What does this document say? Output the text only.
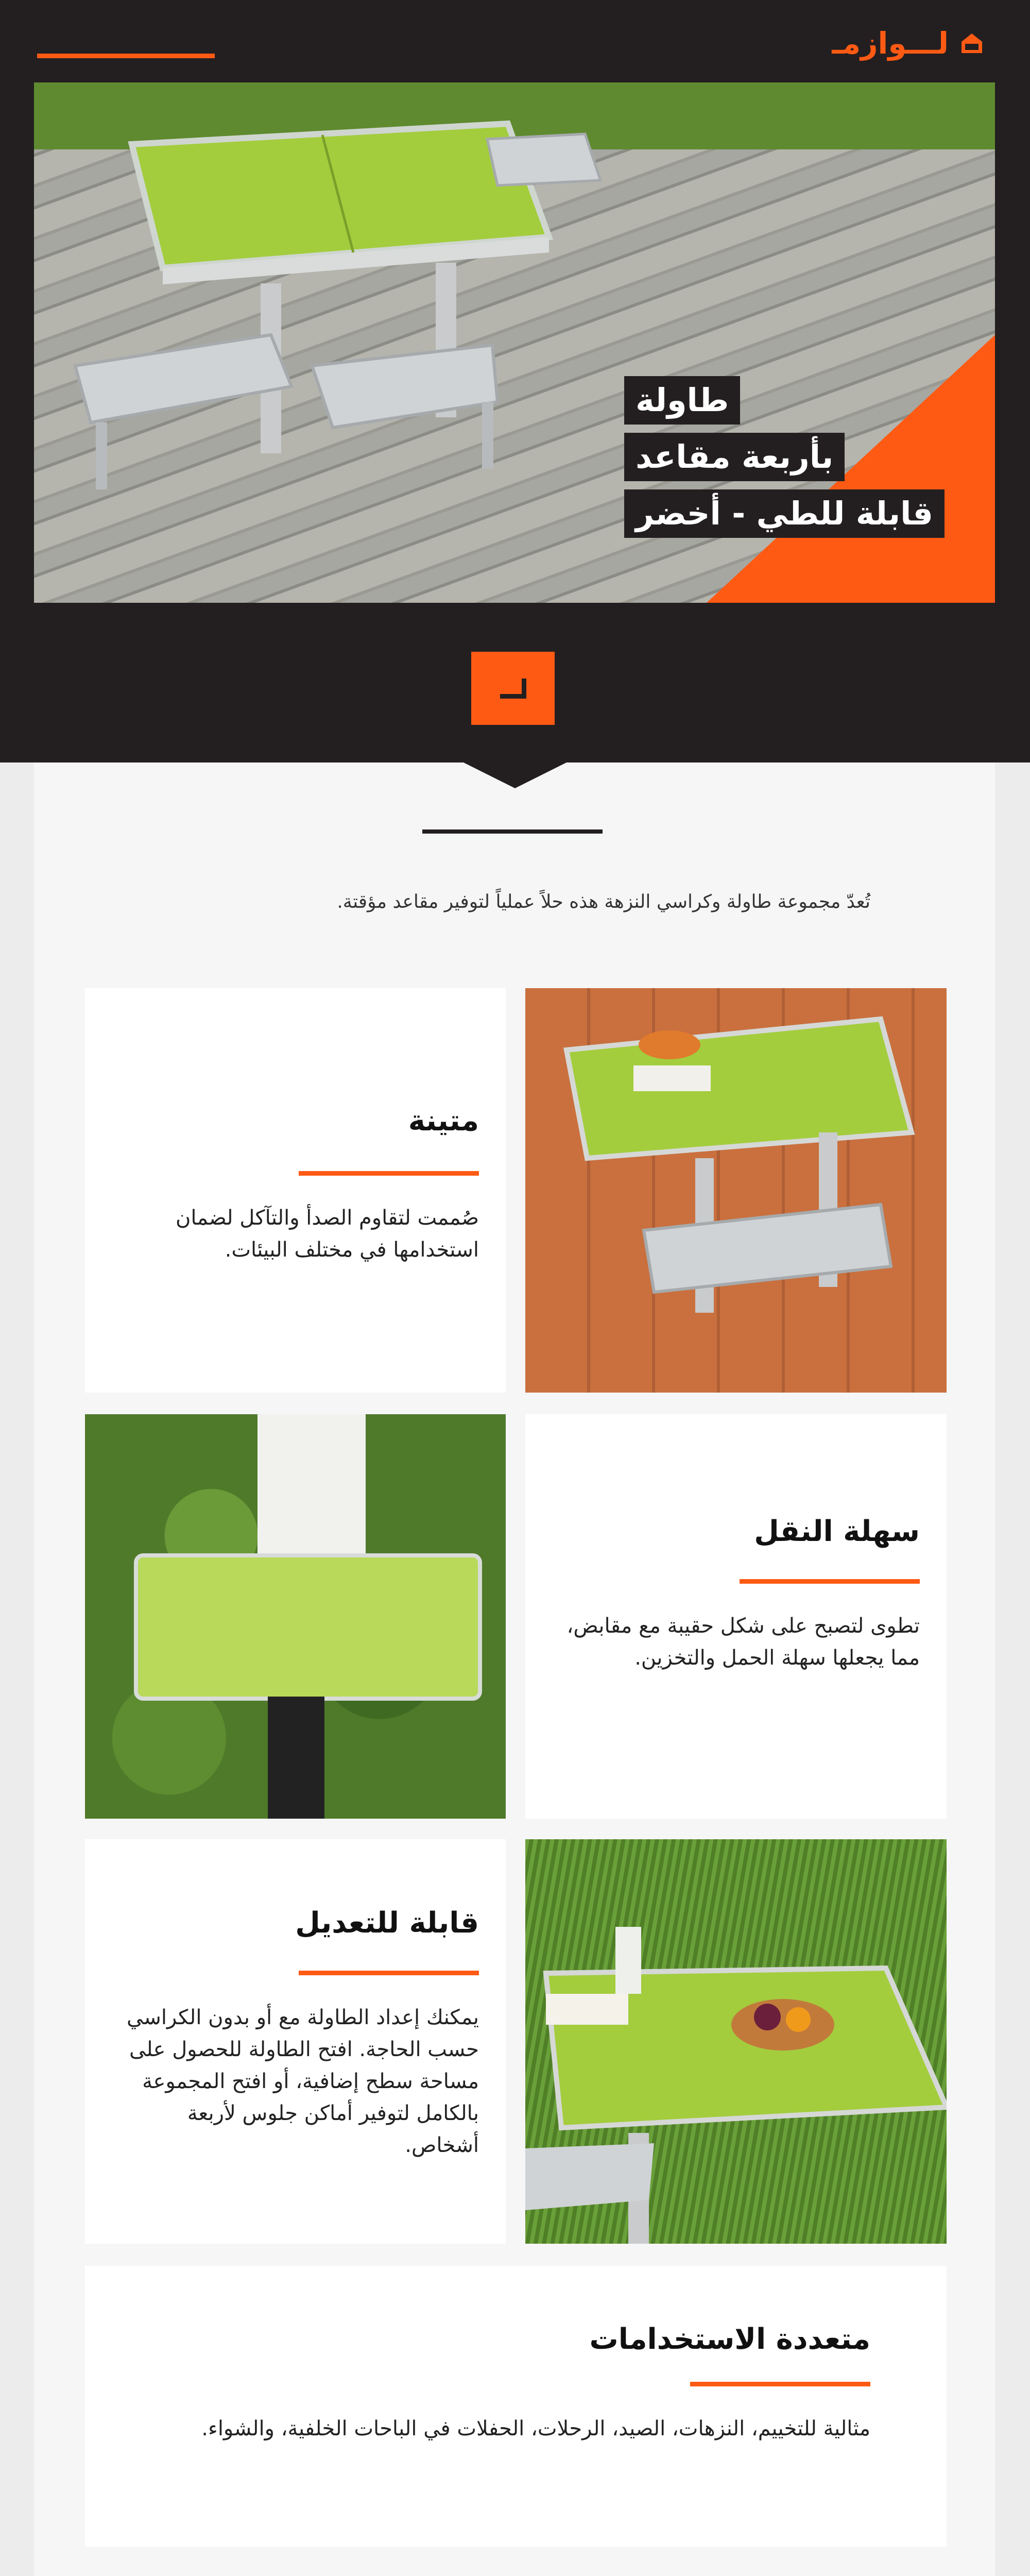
لـــوازمـ
طاولة
بأربعة مقاعد
قابلة للطي - أخضر
تُعدّ مجموعة طاولة وكراسي النزهة هذه حلاً عملياً لتوفير مقاعد مؤقتة.
متينة

صُممت لتقاوم الصدأ والتآكل لضمان استخدامها في مختلف البيئات.

سهلة النقل

تطوى لتصبح على شكل حقيبة مع مقابض، مما يجعلها سهلة الحمل والتخزين.

قابلة للتعديل

يمكنك إعداد الطاولة مع أو بدون الكراسي حسب الحاجة. افتح الطاولة للحصول على مساحة سطح إضافية، أو افتح المجموعة بالكامل لتوفير أماكن جلوس لأربعة أشخاص.

متعددة الاستخدامات

مثالية للتخييم، النزهات، الصيد، الرحلات، الحفلات في الباحات الخلفية، والشواء.
